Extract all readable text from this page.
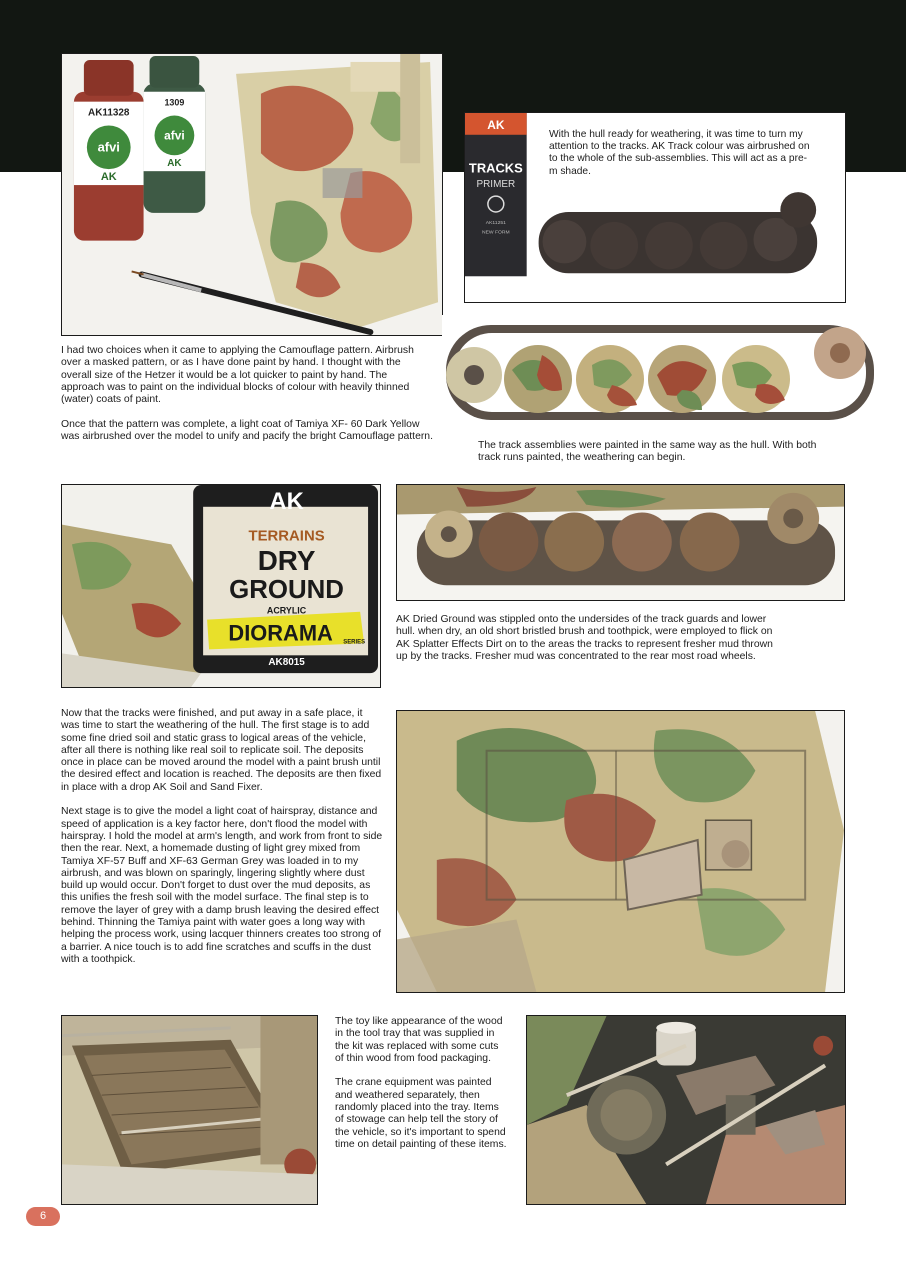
AK11328
afvi
AK
1309
afvi
AK
AK
TRACKS
PRIMER
AK11251
NEW FORM

With the hull ready for weathering, it was time to turn my attention to the tracks. AK Track colour was airbrushed on to the whole of the sub-assemblies. This will act as a pre-m shade.

I had two choices when it came to applying the Camouflage pattern. Airbrush over a masked pattern, or as I have done paint by hand. I thought with the overall size of the Hetzer it would be a lot quicker to paint by hand. The approach was to paint on the individual blocks of colour with heavily thinned (water) coats of paint.

Once that the pattern was complete, a light coat of Tamiya XF- 60 Dark Yellow was airbrushed over the model to unify and pacify the bright Camouflage pattern.

The track assemblies were painted in the same way as the hull. With both track runs painted, the weathering can begin.

AK
TERRAINS
DRY
GROUND
ACRYLIC
DIORAMA SERIES
AK8015

AK Dried Ground was stippled onto the undersides of the track guards and lower hull. when dry, an old short bristled brush and toothpick, were employed to flick on AK Splatter Effects Dirt on to the areas the tracks to represent fresher mud thrown up by the tracks. Fresher mud was concentrated to the rear most road wheels.

Now that the tracks were finished, and put away in a safe place, it was time to start the weathering of the hull. The first stage is to add some fine dried soil and static grass to logical areas of the vehicle, after all there is nothing like real soil to replicate soil. The deposits once in place can be moved around the model with a paint brush until the desired effect and location is reached. The deposits are then fixed in place with a drop AK Soil and Sand Fixer.

Next stage is to give the model a light coat of hairspray, distance and speed of application is a key factor here, don't flood the model with hairspray. I hold the model at arm's length, and work from front to side then the rear. Next, a homemade dusting of light grey mixed from Tamiya XF-57 Buff and XF-63 German Grey was loaded in to my airbrush, and was blown on sparingly, lingering slightly where dust build up would occur. Don't forget to dust over the mud deposits, as this unifies the fresh soil with the model surface. The final step is to remove the layer of grey with a damp brush leaving the desired effect behind. Thinning the Tamiya paint with water goes a long way with helping the process work, using lacquer thinners creates too strong of a barrier. A nice touch is to add fine scratches and scuffs in the dust with a toothpick.

The toy like appearance of the wood in the tool tray that was supplied in the kit was replaced with some cuts of thin wood from food packaging.

The crane equipment was painted and weathered separately, then randomly placed into the tray. Items of stowage can help tell the story of the vehicle, so it's important to spend time on detail painting of these items.

6
